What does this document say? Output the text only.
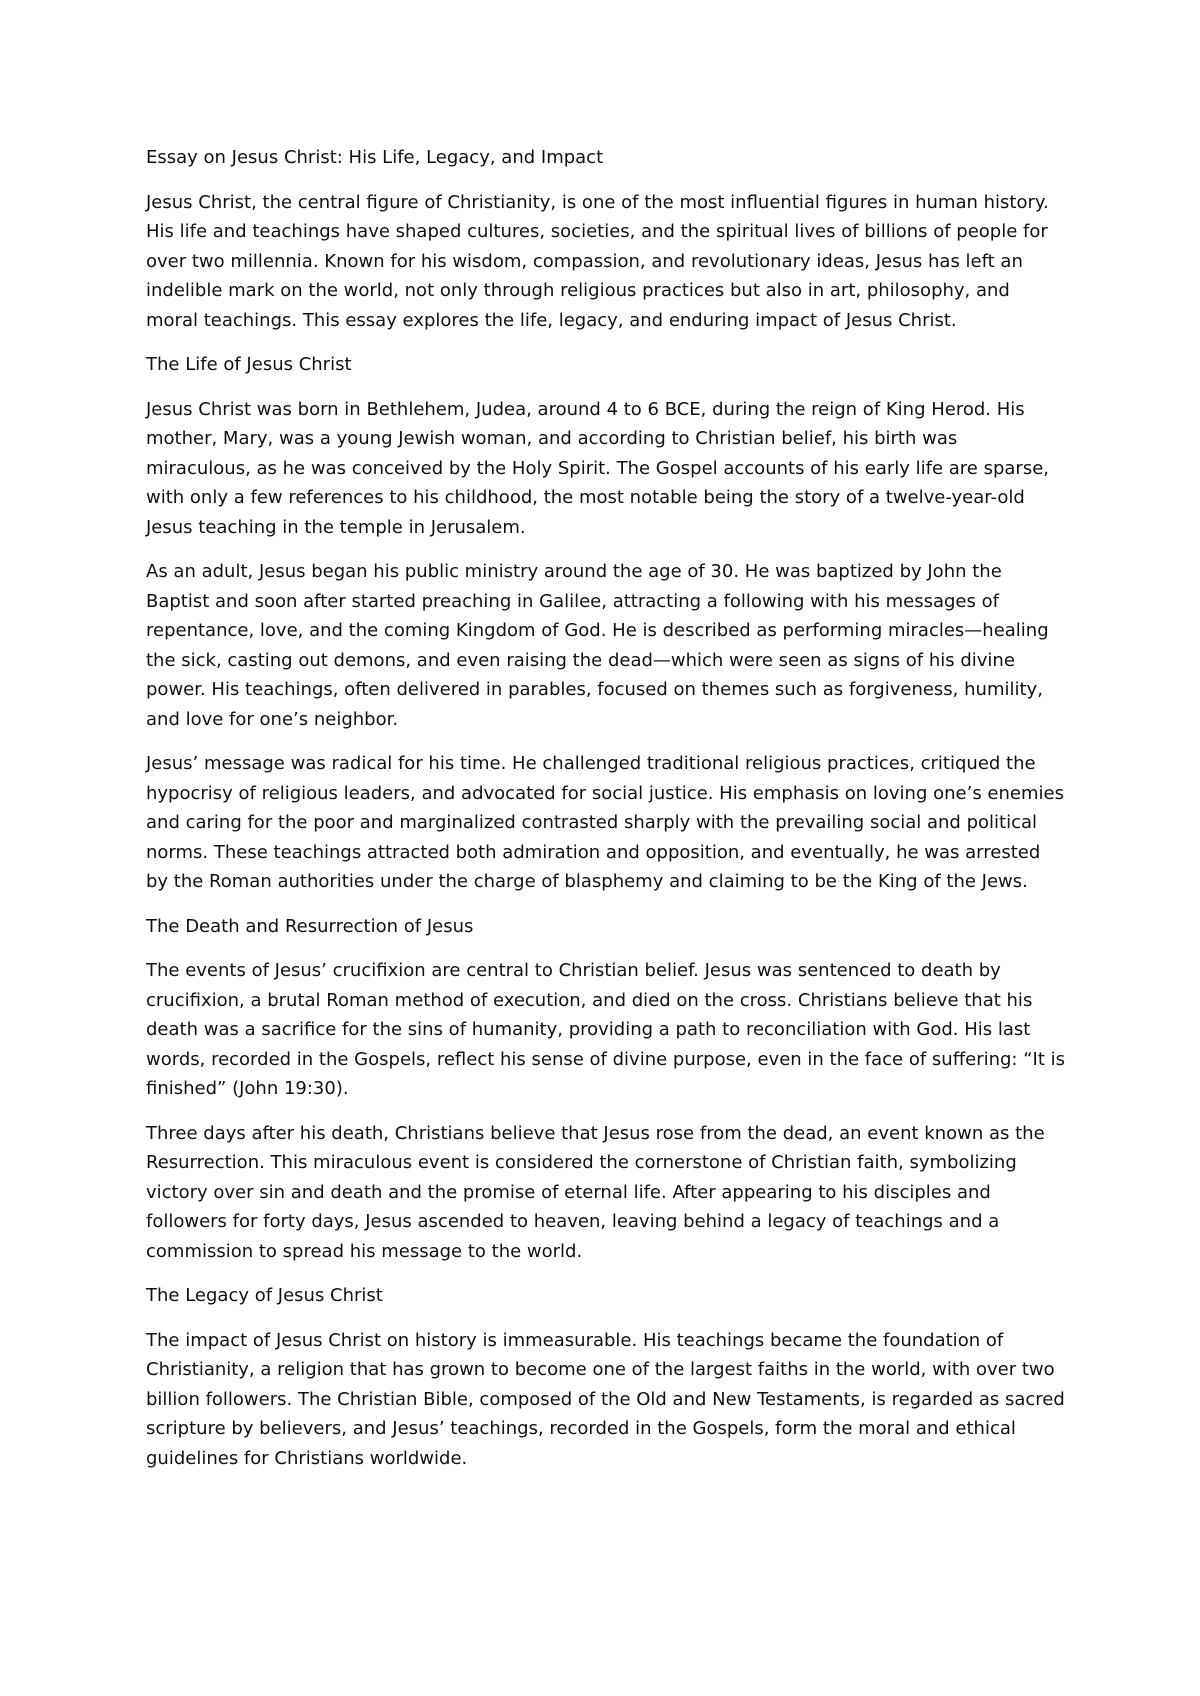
Essay on Jesus Christ: His Life, Legacy, and Impact

Jesus Christ, the central figure of Christianity, is one of the most influential figures in human history. His life and teachings have shaped cultures, societies, and the spiritual lives of billions of people for over two millennia. Known for his wisdom, compassion, and revolutionary ideas, Jesus has left an indelible mark on the world, not only through religious practices but also in art, philosophy, and moral teachings. This essay explores the life, legacy, and enduring impact of Jesus Christ.

The Life of Jesus Christ

Jesus Christ was born in Bethlehem, Judea, around 4 to 6 BCE, during the reign of King Herod. His mother, Mary, was a young Jewish woman, and according to Christian belief, his birth was miraculous, as he was conceived by the Holy Spirit. The Gospel accounts of his early life are sparse, with only a few references to his childhood, the most notable being the story of a twelve-year-old Jesus teaching in the temple in Jerusalem.

As an adult, Jesus began his public ministry around the age of 30. He was baptized by John the Baptist and soon after started preaching in Galilee, attracting a following with his messages of repentance, love, and the coming Kingdom of God. He is described as performing miracles—healing the sick, casting out demons, and even raising the dead—which were seen as signs of his divine power. His teachings, often delivered in parables, focused on themes such as forgiveness, humility, and love for one’s neighbor.

Jesus’ message was radical for his time. He challenged traditional religious practices, critiqued the hypocrisy of religious leaders, and advocated for social justice. His emphasis on loving one’s enemies and caring for the poor and marginalized contrasted sharply with the prevailing social and political norms. These teachings attracted both admiration and opposition, and eventually, he was arrested by the Roman authorities under the charge of blasphemy and claiming to be the King of the Jews.

The Death and Resurrection of Jesus

The events of Jesus’ crucifixion are central to Christian belief. Jesus was sentenced to death by crucifixion, a brutal Roman method of execution, and died on the cross. Christians believe that his death was a sacrifice for the sins of humanity, providing a path to reconciliation with God. His last words, recorded in the Gospels, reflect his sense of divine purpose, even in the face of suffering: “It is finished” (John 19:30).

Three days after his death, Christians believe that Jesus rose from the dead, an event known as the Resurrection. This miraculous event is considered the cornerstone of Christian faith, symbolizing victory over sin and death and the promise of eternal life. After appearing to his disciples and followers for forty days, Jesus ascended to heaven, leaving behind a legacy of teachings and a commission to spread his message to the world.

The Legacy of Jesus Christ

The impact of Jesus Christ on history is immeasurable. His teachings became the foundation of Christianity, a religion that has grown to become one of the largest faiths in the world, with over two billion followers. The Christian Bible, composed of the Old and New Testaments, is regarded as sacred scripture by believers, and Jesus’ teachings, recorded in the Gospels, form the moral and ethical guidelines for Christians worldwide.
